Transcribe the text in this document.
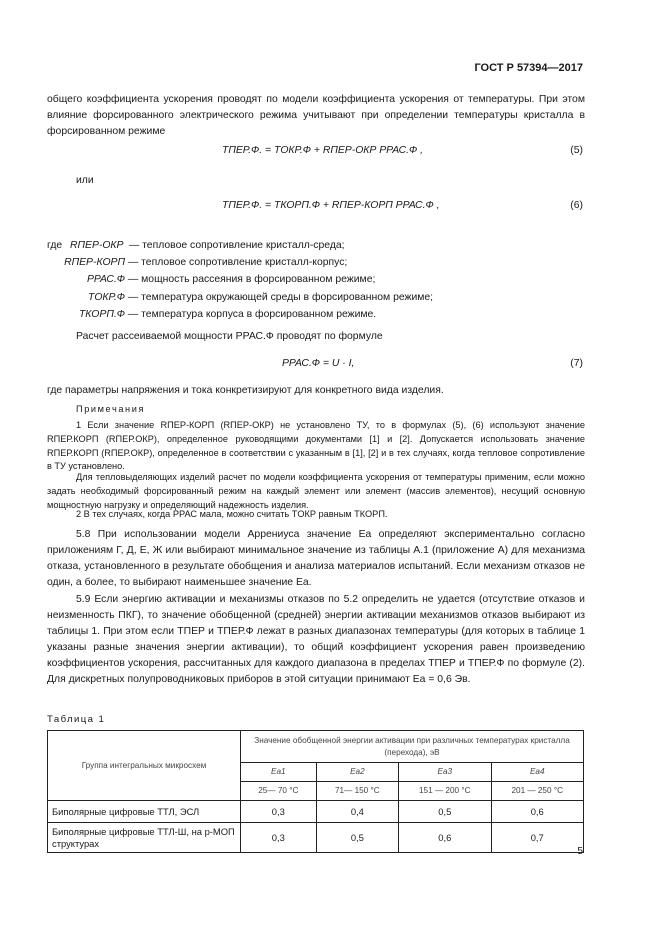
ГОСТ Р 57394—2017

общего коэффициента ускорения проводят по модели коэффициента ускорения от температуры. При этом влияние форсированного электрического режима учитывают при определении температуры кристалла в форсированном режиме

TПЕР.Ф. = TОКР.Ф + RПЕР-ОКР PРАС.Ф ,	(5)
или
TПЕР.Ф. = TКОРП.Ф + RПЕР-КОРП PРАС.Ф ,	(6)
где RПЕР-ОКР — тепловое сопротивление кристалл-среда;
RПЕР-КОРП — тепловое сопротивление кристалл-корпус;
PРАС.Ф — мощность рассеяния в форсированном режиме;
TОКР.Ф — температура окружающей среды в форсированном режиме;
TКОРП.Ф — температура корпуса в форсированном режиме.

Расчет рассеиваемой мощности PРАС.Ф проводят по формуле

PРАС.Ф = U · I,	(7)

где параметры напряжения и тока конкретизируют для конкретного вида изделия.

Примечания

1 Если значение RПЕР-КОРП (RПЕР-ОКР) не установлено ТУ, то в формулах (5), (6) используют значение RПЕР.КОРП (RПЕР.ОКР), определенное руководящими документами [1] и [2]. Допускается использовать значение RПЕР.КОРП (RПЕР.ОКР), определенное в соответствии с указанным в [1], [2] и в тех случаях, когда тепловое сопротивление в ТУ установлено.

Для тепловыделяющих изделий расчет по модели коэффициента ускорения от температуры применим, если можно задать необходимый форсированный режим на каждый элемент или элемент (массив элементов), несущий основную мощностную нагрузку и определяющий надежность изделия.

2 В тех случаях, когда PРАС мала, можно считать TОКР равным TКОРП.

5.8 При использовании модели Аррениуса значение Ea определяют экспериментально согласно приложениям Г, Д, Е, Ж или выбирают минимальное значение из таблицы А.1 (приложение А) для механизма отказа, установленного в результате обобщения и анализа материалов испытаний. Если механизм отказов не один, а более, то выбирают наименьшее значение Ea.

5.9 Если энергию активации и механизмы отказов по 5.2 определить не удается (отсутствие отказов и неизменность ПКГ), то значение обобщенной (средней) энергии активации механизмов отказов выбирают из таблицы 1. При этом если TПЕР и TПЕР.Ф лежат в разных диапазонах температуры (для которых в таблице 1 указаны разные значения энергии активации), то общий коэффициент ускорения равен произведению коэффициентов ускорения, рассчитанных для каждого диапазона в пределах TПЕР и TПЕР.Ф по формуле (2). Для дискретных полупроводниковых приборов в этой ситуации принимают Ea = 0,6 Эв.

Таблица 1
Группа интегральных микросхем	Значение обобщенной энергии активации при различных температурах кристалла (перехода), эВ			
	Ea1	Ea2	Ea3	Ea4
	25— 70 °С	71— 150 °С	151 — 200 °С	201 — 250 °С
Биполярные цифровые ТТЛ, ЭСЛ	0,3	0,4	0,5	0,6
Биполярные цифровые ТТЛ-Ш, на р-МОП структурах	0,3	0,5	0,6	0,7
5
